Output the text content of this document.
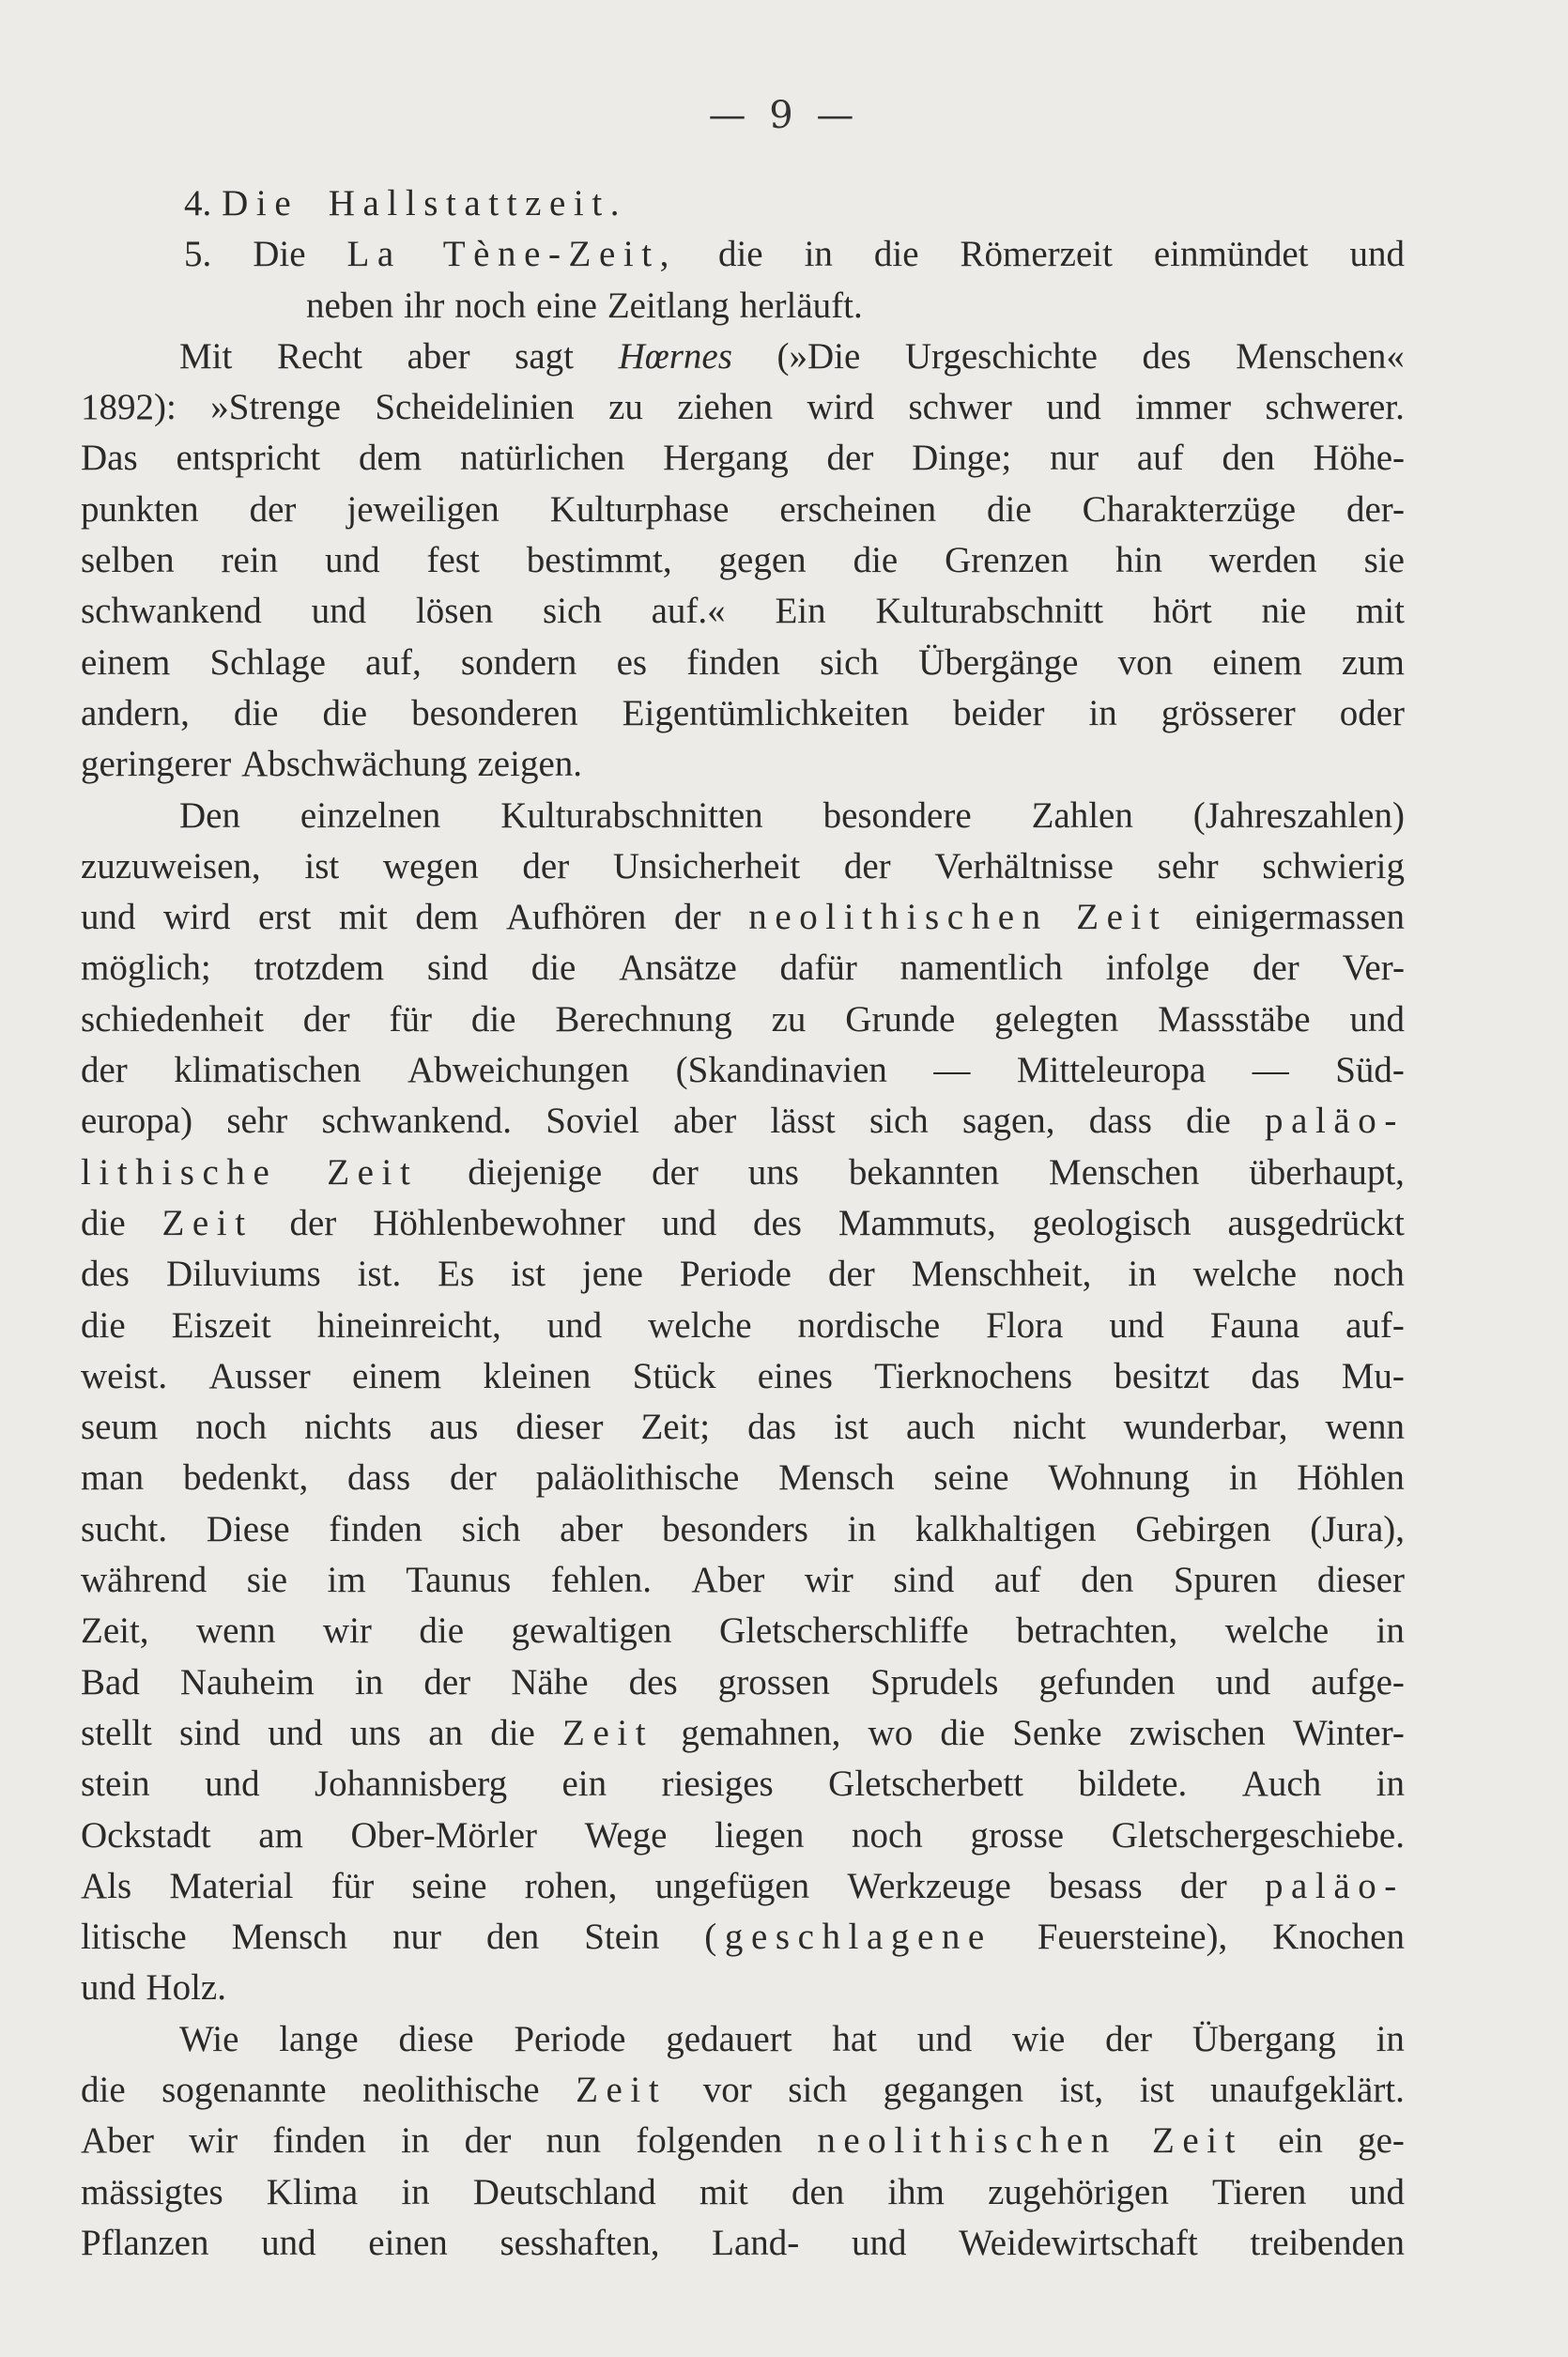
— 9 —
4. Die
Hallstattzeit.
5. Die La Tène-Zeit, die in die Römerzeit einmündet und
neben ihr noch eine Zeitlang herläuft.
Mit Recht aber sagt Hœrnes (»Die Urgeschichte des Menschen«
1892): »Strenge Scheidelinien zu ziehen wird schwer und immer schwerer.
Das entspricht dem natürlichen Hergang der Dinge; nur auf den Höhe-
punkten der jeweiligen Kulturphase erscheinen die Charakterzüge der-
selben rein und fest bestimmt, gegen die Grenzen hin werden sie
schwankend und lösen sich auf.« Ein Kulturabschnitt hört nie mit
einem Schlage auf, sondern es finden sich Übergänge von einem zum
andern, die die besonderen Eigentümlichkeiten beider in grösserer oder
geringerer Abschwächung zeigen.
Den einzelnen Kulturabschnitten besondere Zahlen (Jahreszahlen)
zuzuweisen, ist wegen der Unsicherheit der Verhältnisse sehr schwierig
und wird erst mit dem Aufhören der neolithischen Zeit einigermassen
möglich; trotzdem sind die Ansätze dafür namentlich infolge der Ver-
schiedenheit der für die Berechnung zu Grunde gelegten Massstäbe und
der klimatischen Abweichungen (Skandinavien — Mitteleuropa — Süd-
europa) sehr schwankend. Soviel aber lässt sich sagen, dass die paläo-
lithische Zeit diejenige der uns bekannten Menschen überhaupt,
die Zeit der Höhlenbewohner und des Mammuts, geologisch ausgedrückt
des Diluviums ist. Es ist jene Periode der Menschheit, in welche noch
die Eiszeit hineinreicht, und welche nordische Flora und Fauna auf-
weist. Ausser einem kleinen Stück eines Tierknochens besitzt das Mu-
seum noch nichts aus dieser Zeit; das ist auch nicht wunderbar, wenn
man bedenkt, dass der paläolithische Mensch seine Wohnung in Höhlen
sucht. Diese finden sich aber besonders in kalkhaltigen Gebirgen (Jura),
während sie im Taunus fehlen. Aber wir sind auf den Spuren dieser
Zeit, wenn wir die gewaltigen Gletscherschliffe betrachten, welche in
Bad Nauheim in der Nähe des grossen Sprudels gefunden und aufge-
stellt sind und uns an die Zeit gemahnen, wo die Senke zwischen Winter-
stein und Johannisberg ein riesiges Gletscherbett bildete. Auch in
Ockstadt am Ober-Mörler Wege liegen noch grosse Gletschergeschiebe.
Als Material für seine rohen, ungefügen Werkzeuge besass der paläo-
litische Mensch nur den Stein (geschlagene Feuersteine), Knochen
und Holz.
Wie lange diese Periode gedauert hat und wie der Übergang in
die sogenannte neolithische Zeit vor sich gegangen ist, ist unaufgeklärt.
Aber wir finden in der nun folgenden neolithischen Zeit ein ge-
mässigtes Klima in Deutschland mit den ihm zugehörigen Tieren und
Pflanzen und einen sesshaften, Land- und Weidewirtschaft treibenden
